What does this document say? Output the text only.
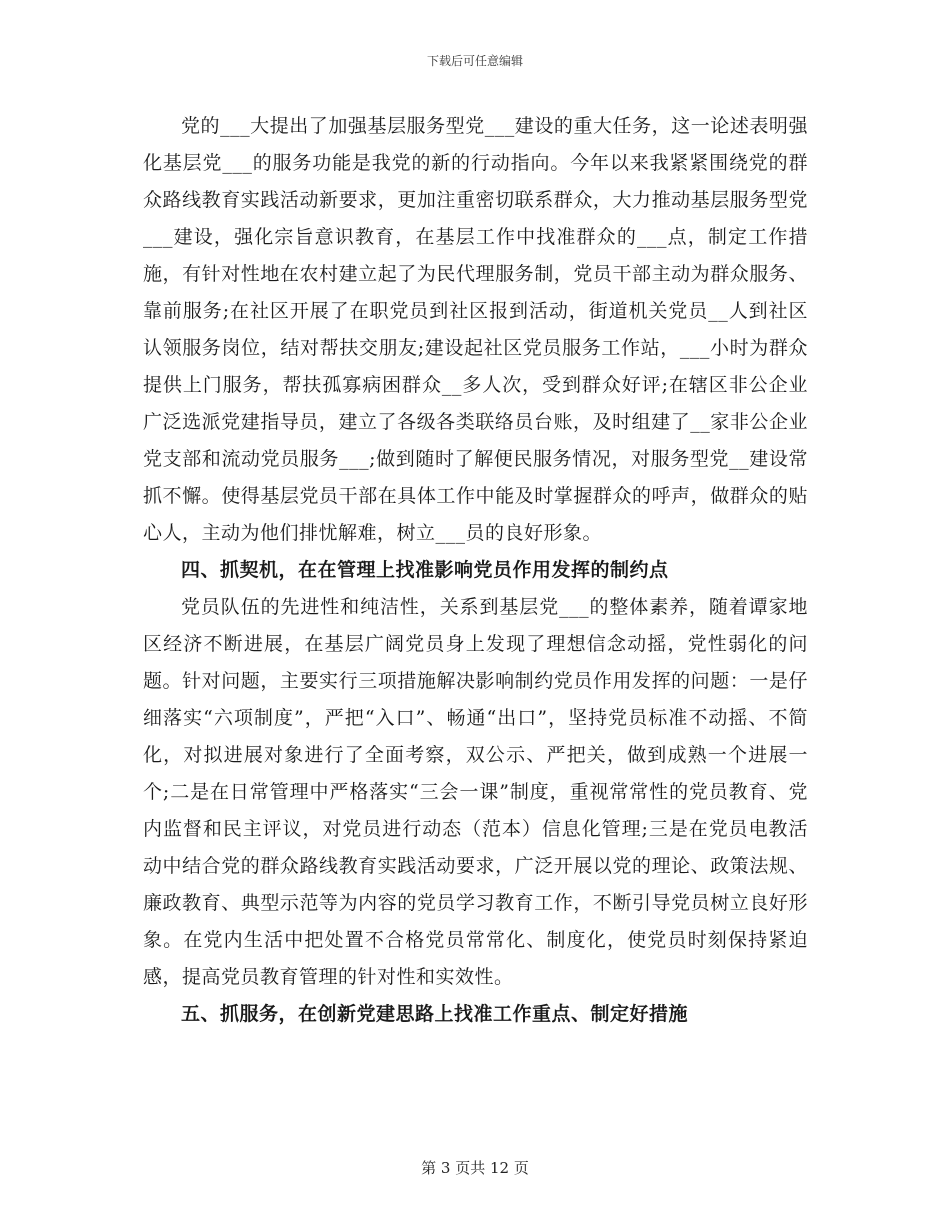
下载后可任意编辑

党的___大提出了加强基层服务型党___建设的重大任务，这一论述表明强化基层党___的服务功能是我党的新的行动指向。今年以来我紧紧围绕党的群众路线教育实践活动新要求，更加注重密切联系群众，大力推动基层服务型党___建设，强化宗旨意识教育，在基层工作中找准群众的___点，制定工作措施，有针对性地在农村建立起了为民代理服务制，党员干部主动为群众服务、靠前服务;在社区开展了在职党员到社区报到活动，街道机关党员__人到社区认领服务岗位，结对帮扶交朋友;建设起社区党员服务工作站，___小时为群众提供上门服务，帮扶孤寡病困群众__多人次，受到群众好评;在辖区非公企业广泛选派党建指导员，建立了各级各类联络员台账，及时组建了__家非公企业党支部和流动党员服务___;做到随时了解便民服务情况，对服务型党__建设常抓不懈。使得基层党员干部在具体工作中能及时掌握群众的呼声，做群众的贴心人，主动为他们排忧解难，树立___员的良好形象。

四、抓契机，在在管理上找准影响党员作用发挥的制约点

党员队伍的先进性和纯洁性，关系到基层党___的整体素养，随着谭家地区经济不断进展，在基层广阔党员身上发现了理想信念动摇，党性弱化的问题。针对问题，主要实行三项措施解决影响制约党员作用发挥的问题：一是仔细落实“六项制度”，严把“入口”、畅通“出口”，坚持党员标准不动摇、不简化，对拟进展对象进行了全面考察，双公示、严把关，做到成熟一个进展一个;二是在日常管理中严格落实“三会一课”制度，重视常常性的党员教育、党内监督和民主评议，对党员进行动态（范本）信息化管理;三是在党员电教活动中结合党的群众路线教育实践活动要求，广泛开展以党的理论、政策法规、廉政教育、典型示范等为内容的党员学习教育工作，不断引导党员树立良好形象。在党内生活中把处置不合格党员常常化、制度化，使党员时刻保持紧迫感，提高党员教育管理的针对性和实效性。

五、抓服务，在创新党建思路上找准工作重点、制定好措施

第 3 页共 12 页
